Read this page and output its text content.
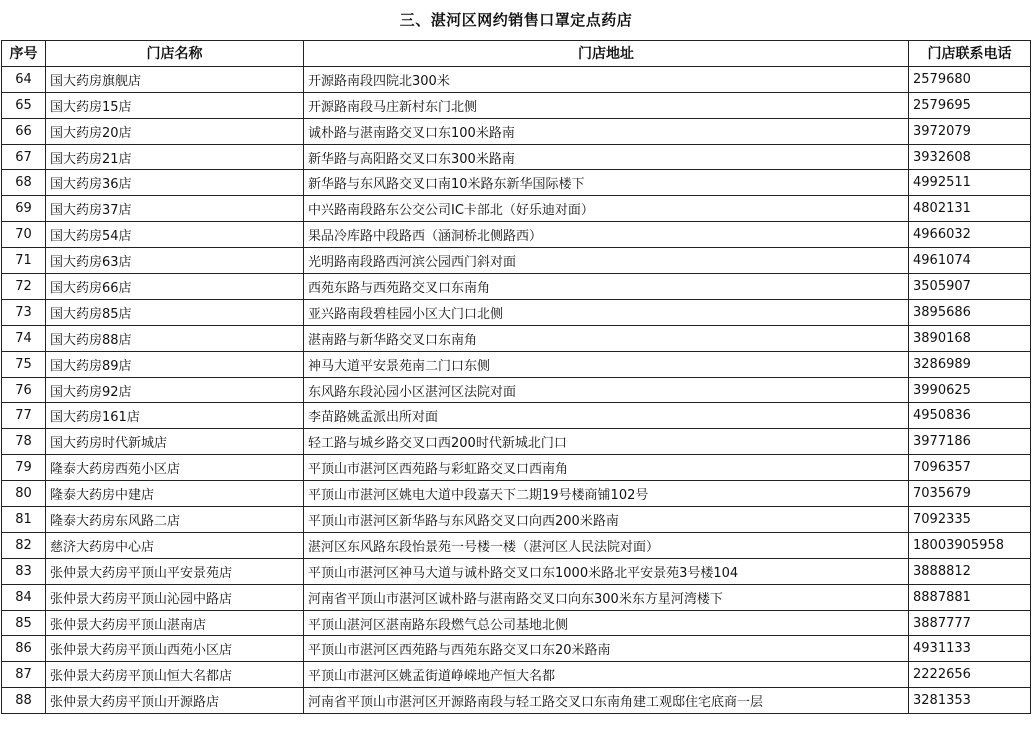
三、湛河区网约销售口罩定点药店
序号	门店名称	门店地址	门店联系电话
64	国大药房旗舰店	开源路南段四院北300米	2579680
65	国大药房15店	开源路南段马庄新村东门北侧	2579695
66	国大药房20店	诚朴路与湛南路交叉口东100米路南	3972079
67	国大药房21店	新华路与高阳路交叉口东300米路南	3932608
68	国大药房36店	新华路与东风路交叉口南10米路东新华国际楼下	4992511
69	国大药房37店	中兴路南段路东公交公司IC卡部北（好乐迪对面）	4802131
70	国大药房54店	果品冷库路中段路西（涵洞桥北侧路西）	4966032
71	国大药房63店	光明路南段路西河滨公园西门斜对面	4961074
72	国大药房66店	西苑东路与西苑路交叉口东南角	3505907
73	国大药房85店	亚兴路南段碧桂园小区大门口北侧	3895686
74	国大药房88店	湛南路与新华路交叉口东南角	3890168
75	国大药房89店	神马大道平安景苑南二门口东侧	3286989
76	国大药房92店	东风路东段沁园小区湛河区法院对面	3990625
77	国大药房161店	李苗路姚孟派出所对面	4950836
78	国大药房时代新城店	轻工路与城乡路交叉口西200时代新城北门口	3977186
79	隆泰大药房西苑小区店	平顶山市湛河区西苑路与彩虹路交叉口西南角	7096357
80	隆泰大药房中建店	平顶山市湛河区姚电大道中段嘉天下二期19号楼商铺102号	7035679
81	隆泰大药房东风路二店	平顶山市湛河区新华路与东风路交叉口向西200米路南	7092335
82	慈济大药房中心店	湛河区东风路东段怡景苑一号楼一楼（湛河区人民法院对面）	18003905958
83	张仲景大药房平顶山平安景苑店	平顶山市湛河区神马大道与诚朴路交叉口东1000米路北平安景苑3号楼104	3888812
84	张仲景大药房平顶山沁园中路店	河南省平顶山市湛河区诚朴路与湛南路交叉口向东300米东方星河湾楼下	8887881
85	张仲景大药房平顶山湛南店	平顶山湛河区湛南路东段燃气总公司基地北侧	3887777
86	张仲景大药房平顶山西苑小区店	平顶山市湛河区西苑路与西苑东路交叉口东20米路南	4931133
87	张仲景大药房平顶山恒大名都店	平顶山市湛河区姚孟街道峥嵘地产恒大名都	2222656
88	张仲景大药房平顶山开源路店	河南省平顶山市湛河区开源路南段与轻工路交叉口东南角建工观邸住宅底商一层	3281353
